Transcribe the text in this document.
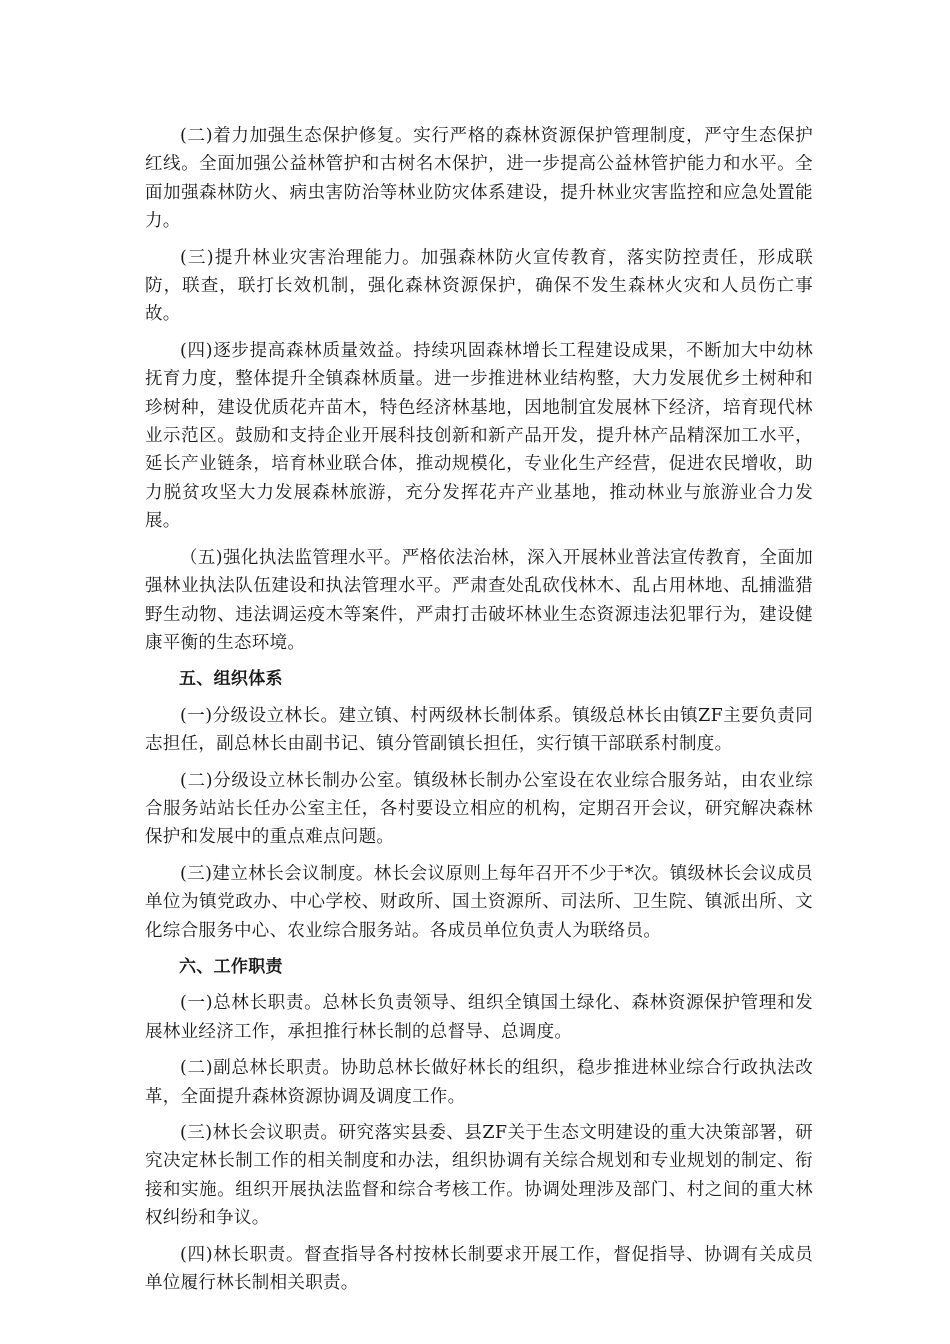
(二)着力加强生态保护修复。实行严格的森林资源保护管理制度，严守生态保护红线。全面加强公益林管护和古树名木保护，进一步提高公益林管护能力和水平。全面加强森林防火、病虫害防治等林业防灾体系建设，提升林业灾害监控和应急处置能力。

(三)提升林业灾害治理能力。加强森林防火宣传教育，落实防控责任，形成联防，联查，联打长效机制，强化森林资源保护，确保不发生森林火灾和人员伤亡事故。

(四)逐步提高森林质量效益。持续巩固森林增长工程建设成果，不断加大中幼林抚育力度，整体提升全镇森林质量。进一步推进林业结构整，大力发展优乡土树种和珍树种，建设优质花卉苗木，特色经济林基地，因地制宜发展林下经济，培育现代林业示范区。鼓励和支持企业开展科技创新和新产品开发，提升林产品精深加工水平，延长产业链条，培育林业联合体，推动规模化，专业化生产经营，促进农民增收，助力脱贫攻坚大力发展森林旅游，充分发挥花卉产业基地，推动林业与旅游业合力发展。

（五)强化执法监管理水平。严格依法治林，深入开展林业普法宣传教育，全面加强林业执法队伍建设和执法管理水平。严肃查处乱砍伐林木、乱占用林地、乱捕滥猎野生动物、违法调运疫木等案件，严肃打击破坏林业生态资源违法犯罪行为，建设健康平衡的生态环境。

五、组织体系

(一)分级设立林长。建立镇、村两级林长制体系。镇级总林长由镇ZF主要负责同志担任，副总林长由副书记、镇分管副镇长担任，实行镇干部联系村制度。

(二)分级设立林长制办公室。镇级林长制办公室设在农业综合服务站，由农业综合服务站站长任办公室主任，各村要设立相应的机构，定期召开会议，研究解决森林保护和发展中的重点难点问题。

(三)建立林长会议制度。林长会议原则上每年召开不少于*次。镇级林长会议成员单位为镇党政办、中心学校、财政所、国土资源所、司法所、卫生院、镇派出所、文化综合服务中心、农业综合服务站。各成员单位负责人为联络员。

六、工作职责

(一)总林长职责。总林长负责领导、组织全镇国土绿化、森林资源保护管理和发展林业经济工作，承担推行林长制的总督导、总调度。

(二)副总林长职责。协助总林长做好林长的组织，稳步推进林业综合行政执法改革，全面提升森林资源协调及调度工作。

(三)林长会议职责。研究落实县委、县ZF关于生态文明建设的重大决策部署，研究决定林长制工作的相关制度和办法，组织协调有关综合规划和专业规划的制定、衔接和实施。组织开展执法监督和综合考核工作。协调处理涉及部门、村之间的重大林权纠纷和争议。

(四)林长职责。督查指导各村按林长制要求开展工作，督促指导、协调有关成员单位履行林长制相关职责。
